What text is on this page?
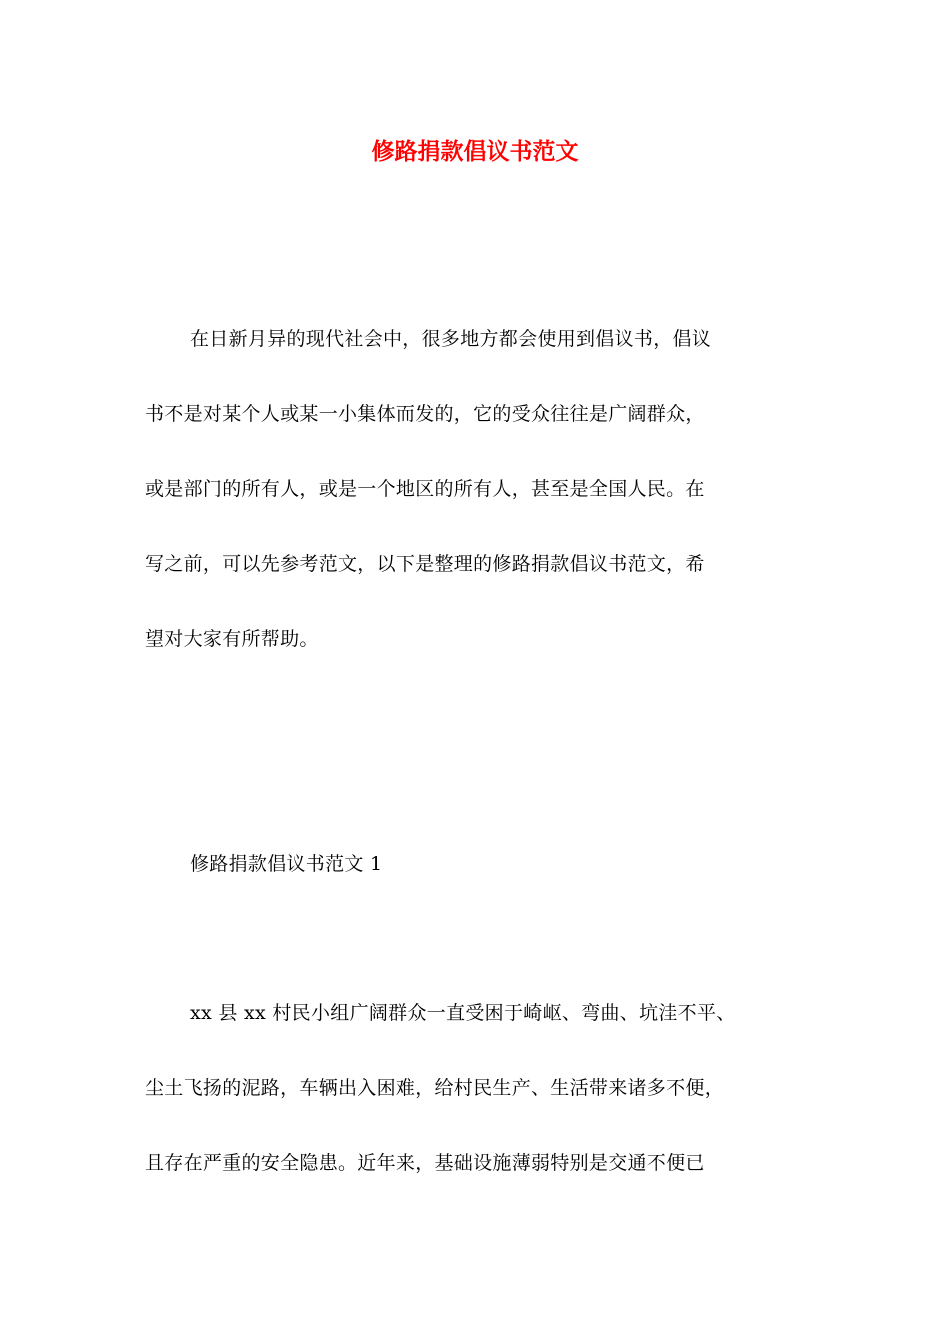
修路捐款倡议书范文
在日新月异的现代社会中，很多地方都会使用到倡议书，倡议
书不是对某个人或某一小集体而发的，它的受众往往是广阔群众，
或是部门的所有人，或是一个地区的所有人，甚至是全国人民。在
写之前，可以先参考范文，以下是整理的修路捐款倡议书范文，希
望对大家有所帮助。
修路捐款倡议书范文 1
xx 县 xx 村民小组广阔群众一直受困于崎岖、弯曲、坑洼不平、
尘土飞扬的泥路，车辆出入困难，给村民生产、生活带来诸多不便，
且存在严重的安全隐患。近年来，基础设施薄弱特别是交通不便已
